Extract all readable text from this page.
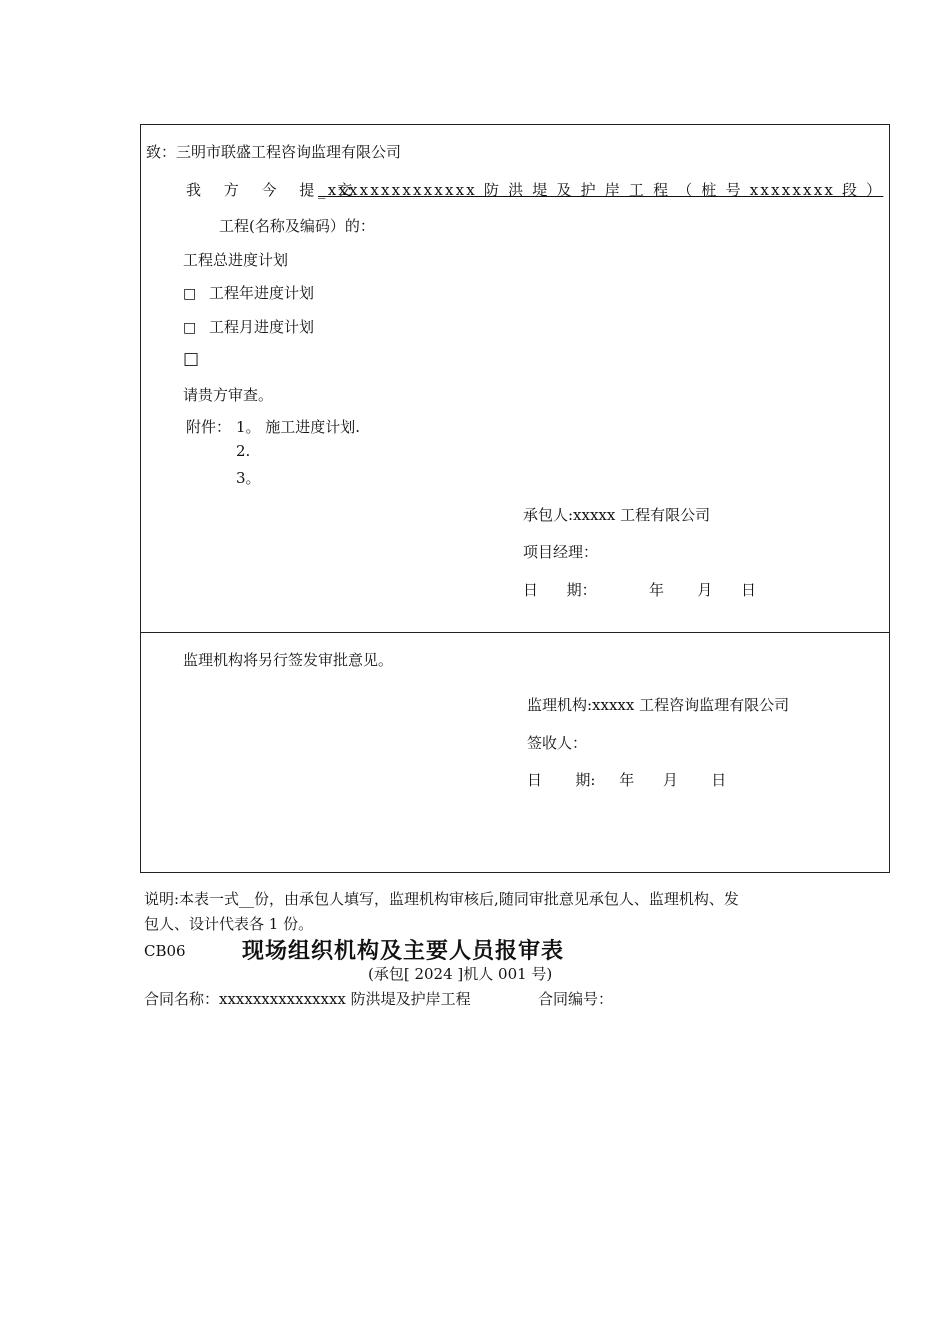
致：三明市联盛工程咨询监理有限公司
我 方 今 提 交
_xxxxxxxxxxxxxx 防 洪 堤 及 护 岸 工 程 （ 桩 号 xxxxxxxx 段 ）
工程(名称及编码）的：
工程总进度计划
□ 工程年进度计划
□ 工程月进度计划
□
请贵方审查。
附件： 1。 施工进度计划.
2.
3。
承包人:xxxxx 工程有限公司
项目经理：
日      期：           年       月      日
监理机构将另行签发审批意见。
监理机构:xxxxx 工程咨询监理有限公司
签收人：
日       期:     年      月       日
说明:本表一式__份，由承包人填写，监理机构审核后,随同审批意见承包人、监理机构、发
包人、设计代表各 1 份。
CB06	现场组织机构及主要人员报审表
(承包[ 2024 ]机人 001 号)
合同名称：xxxxxxxxxxxxxxx 防洪堤及护岸工程	合同编号：
